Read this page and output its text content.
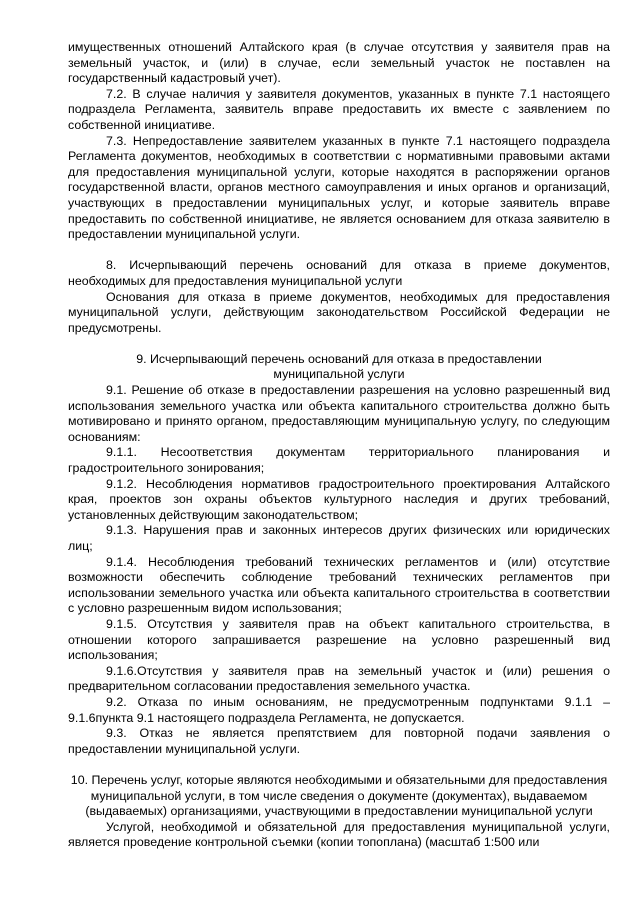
имущественных отношений Алтайского края (в случае отсутствия у заявителя прав на земельный участок, и (или) в случае, если земельный участок не поставлен на государственный кадастровый учет).

7.2. В случае наличия у заявителя документов, указанных в пункте 7.1 настоящего подраздела Регламента, заявитель вправе предоставить их вместе с заявлением по собственной инициативе.

7.3. Непредоставление заявителем указанных в пункте 7.1 настоящего подраздела Регламента документов, необходимых в соответствии с нормативными правовыми актами для предоставления муниципальной услуги, которые находятся в распоряжении органов государственной власти, органов местного самоуправления и иных органов и организаций, участвующих в предоставлении муниципальных услуг, и которые заявитель вправе предоставить по собственной инициативе, не является основанием для отказа заявителю в предоставлении муниципальной услуги.

8. Исчерпывающий перечень оснований для отказа в приеме документов, необходимых для предоставления муниципальной услуги

Основания для отказа в приеме документов, необходимых для предоставления муниципальной услуги, действующим законодательством Российской Федерации не предусмотрены.

9. Исчерпывающий перечень оснований для отказа в предоставлении муниципальной услуги

9.1. Решение об отказе в предоставлении разрешения на условно разрешенный вид использования земельного участка или объекта капитального строительства должно быть мотивировано и принято органом, предоставляющим муниципальную услугу, по следующим основаниям:

9.1.1. Несоответствия документам территориального планирования и градостроительного зонирования;

9.1.2. Несоблюдения нормативов градостроительного проектирования Алтайского края, проектов зон охраны объектов культурного наследия и других требований, установленных действующим законодательством;

9.1.3. Нарушения прав и законных интересов других физических или юридических лиц;

9.1.4. Несоблюдения требований технических регламентов и (или) отсутствие возможности обеспечить соблюдение требований технических регламентов при использовании земельного участка или объекта капитального строительства в соответствии с условно разрешенным видом использования;

9.1.5. Отсутствия у заявителя прав на объект капитального строительства, в отношении которого запрашивается разрешение на условно разрешенный вид использования;

9.1.6.Отсутствия у заявителя прав на земельный участок и (или) решения о предварительном согласовании предоставления земельного участка.

9.2. Отказа по иным основаниям, не предусмотренным подпунктами 9.1.1 – 9.1.6пункта 9.1 настоящего подраздела Регламента, не допускается.

9.3. Отказ не является препятствием для повторной подачи заявления о предоставлении муниципальной услуги.

10. Перечень услуг, которые являются необходимыми и обязательными для предоставления муниципальной услуги, в том числе сведения о документе (документах), выдаваемом (выдаваемых) организациями, участвующими в предоставлении муниципальной услуги

Услугой, необходимой и обязательной для предоставления муниципальной услуги, является проведение контрольной съемки (копии топоплана) (масштаб 1:500 или
